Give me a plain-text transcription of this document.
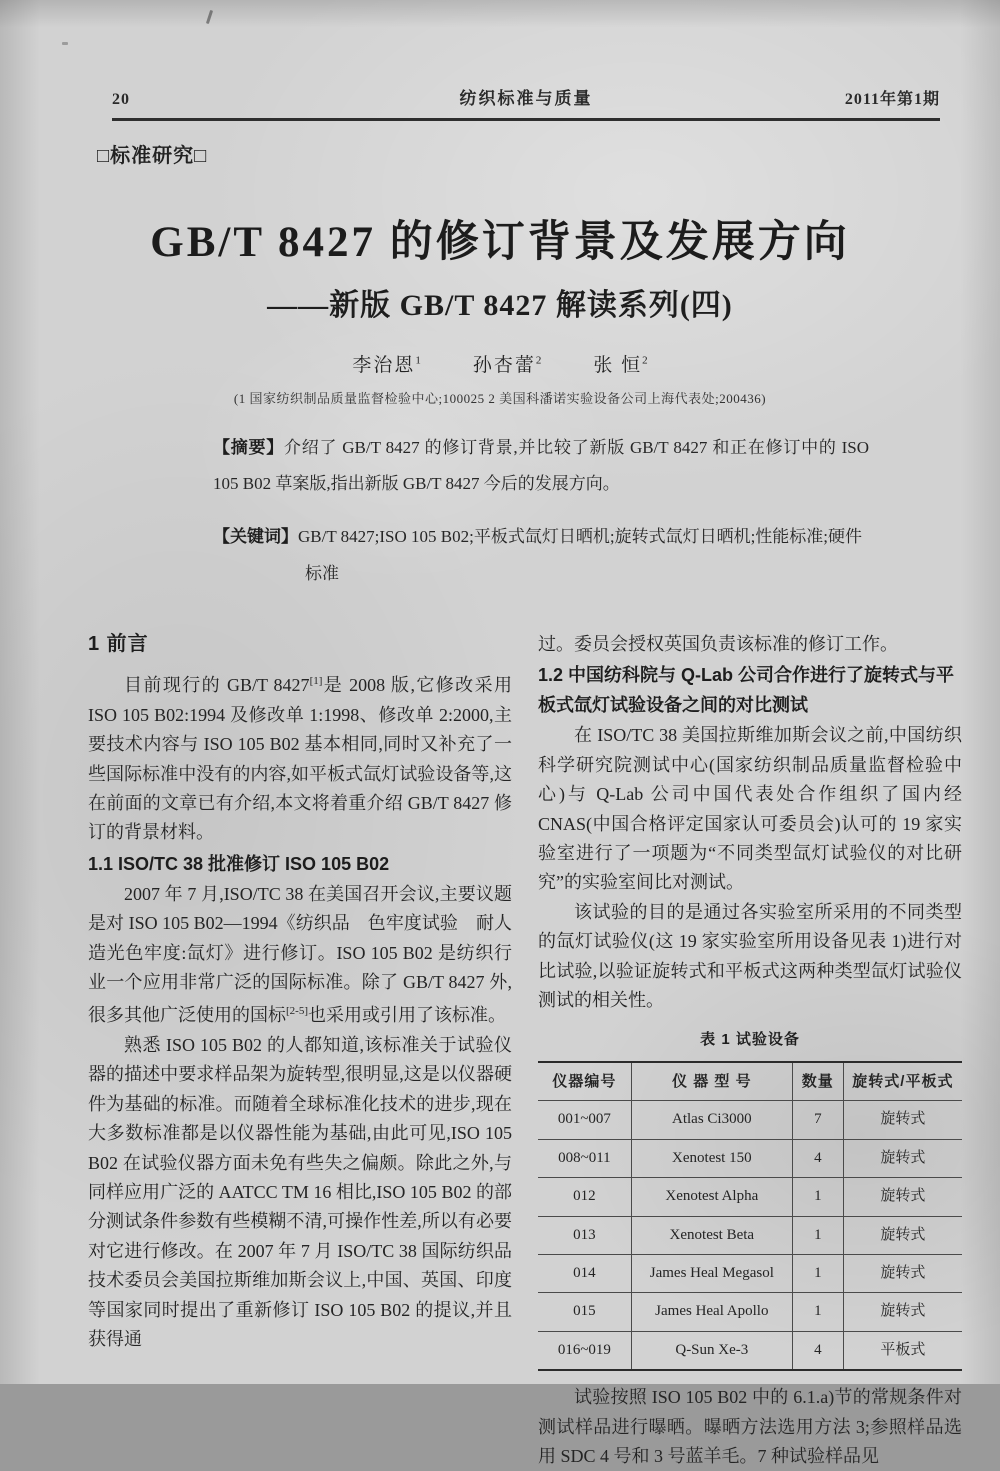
20	纺织标准与质量	2011年第1期
□标准研究□
GB/T 8427 的修订背景及发展方向
——新版 GB/T 8427 解读系列(四)
李治恩$^1$	孙杏蕾$^2$	张 恒$^2$
(1 国家纺织制品质量监督检验中心;100025 2 美国科潘诺实验设备公司上海代表处;200436)
【摘要】介绍了 GB/T 8427 的修订背景,并比较了新版 GB/T 8427 和正在修订中的 ISO 105 B02 草案版,指出新版 GB/T 8427 今后的发展方向。
【关键词】GB/T 8427;ISO 105 B02;平板式氙灯日晒机;旋转式氙灯日晒机;性能标准;硬件标准
1 前言

目前现行的 GB/T 8427[1]是 2008 版,它修改采用 ISO 105 B02:1994 及修改单 1:1998、修改单 2:2000,主要技术内容与 ISO 105 B02 基本相同,同时又补充了一些国际标准中没有的内容,如平板式氙灯试验设备等,这在前面的文章已有介绍,本文将着重介绍 GB/T 8427 修订的背景材料。

1.1 ISO/TC 38 批准修订 ISO 105 B02

2007 年 7 月,ISO/TC 38 在美国召开会议,主要议题是对 ISO 105 B02—1994《纺织品　色牢度试验　耐人造光色牢度:氙灯》进行修订。ISO 105 B02 是纺织行业一个应用非常广泛的国际标准。除了 GB/T 8427 外,很多其他广泛使用的国标[2-5]也采用或引用了该标准。

熟悉 ISO 105 B02 的人都知道,该标准关于试验仪器的描述中要求样品架为旋转型,很明显,这是以仪器硬件为基础的标准。而随着全球标准化技术的进步,现在大多数标准都是以仪器性能为基础,由此可见,ISO 105 B02 在试验仪器方面未免有些失之偏颇。除此之外,与同样应用广泛的 AATCC TM 16 相比,ISO 105 B02 的部分测试条件参数有些模糊不清,可操作性差,所以有必要对它进行修改。在 2007 年 7 月 ISO/TC 38 国际纺织品技术委员会美国拉斯维加斯会议上,中国、英国、印度等国家同时提出了重新修订 ISO 105 B02 的提议,并且获得通

过。委员会授权英国负责该标准的修订工作。

1.2 中国纺科院与 Q-Lab 公司合作进行了旋转式与平板式氙灯试验设备之间的对比测试

在 ISO/TC 38 美国拉斯维加斯会议之前,中国纺织科学研究院测试中心(国家纺织制品质量监督检验中心)与 Q-Lab 公司中国代表处合作组织了国内经 CNAS(中国合格评定国家认可委员会)认可的 19 家实验室进行了一项题为“不同类型氙灯试验仪的对比研究”的实验室间比对测试。

该试验的目的是通过各实验室所采用的不同类型的氙灯试验仪(这 19 家实验室所用设备见表 1)进行对比试验,以验证旋转式和平板式这两种类型氙灯试验仪测试的相关性。

表 1 试验设备
仪器编号	仪 器 型 号	数量	旋转式/平板式
001~007	Atlas Ci3000	7	旋转式
008~011	Xenotest 150	4	旋转式
012	Xenotest Alpha	1	旋转式
013	Xenotest Beta	1	旋转式
014	James Heal Megasol	1	旋转式
015	James Heal Apollo	1	旋转式
016~019	Q-Sun Xe-3	4	平板式

试验按照 ISO 105 B02 中的 6.1.a)节的常规条件对测试样品进行曝晒。曝晒方法选用方法 3;参照样品选用 SDC 4 号和 3 号蓝羊毛。7 种试验样品见
